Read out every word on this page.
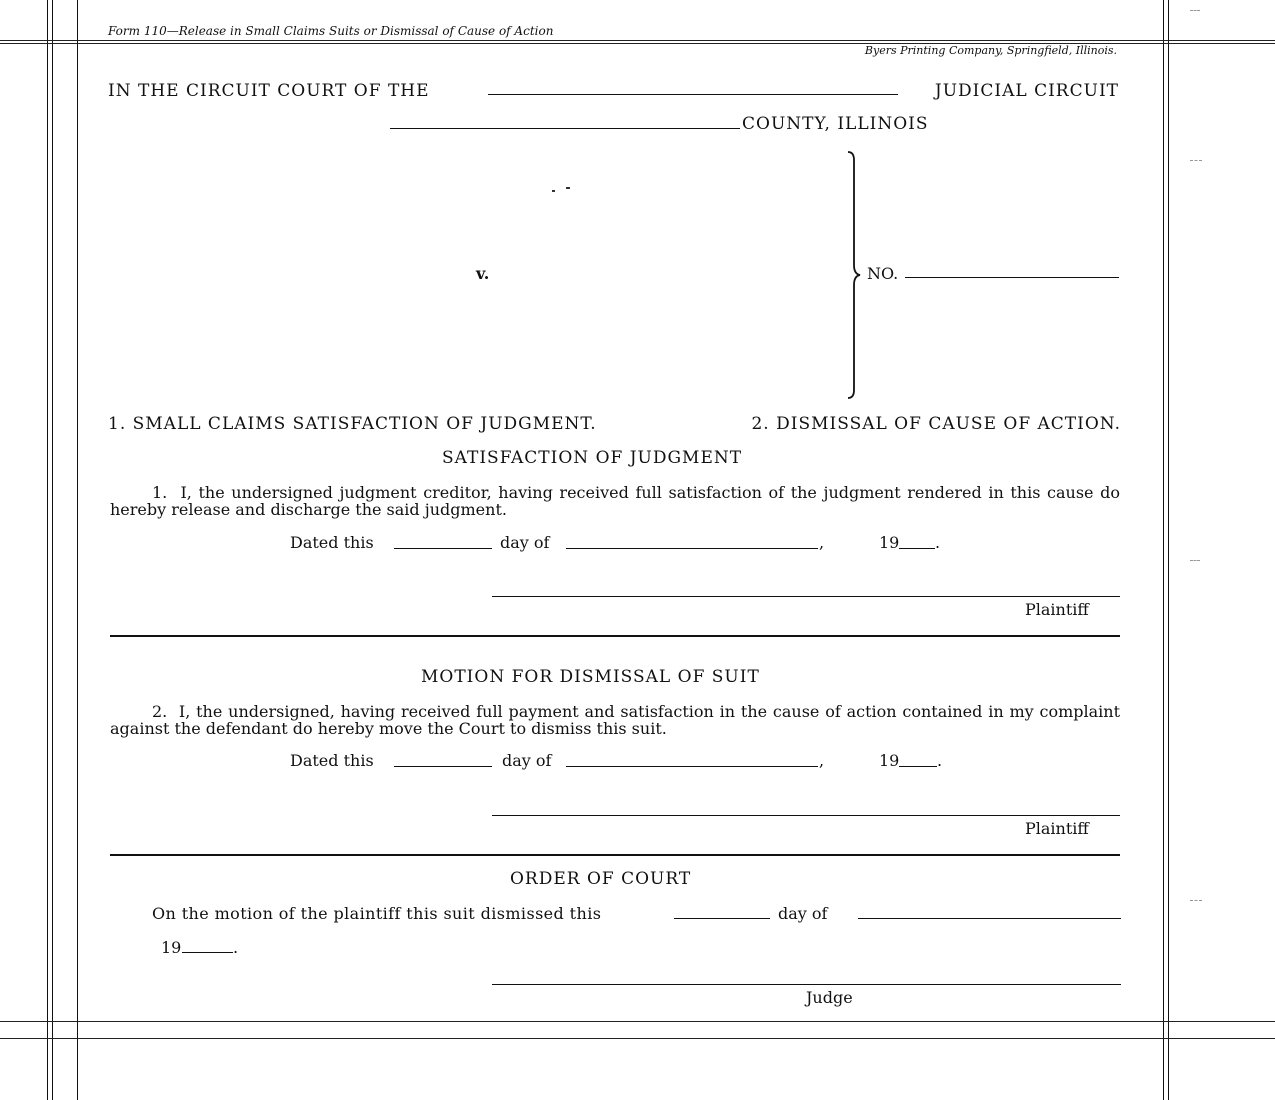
Form 110—Release in Small Claims Suits or Dismissal of Cause of Action
Byers Printing Company, Springfield, Illinois.
IN THE CIRCUIT COURT OF THE	JUDICIAL CIRCUIT
COUNTY, ILLINOIS
v.	NO.
1. SMALL CLAIMS SATISFACTION OF JUDGMENT.	2. DISMISSAL OF CAUSE OF ACTION.
SATISFACTION OF JUDGMENT
1.  I, the undersigned judgment creditor, having received full satisfaction of the judgment rendered in this cause do hereby release and discharge the said judgment.
Dated this	day of	,	19 .
Plaintiff
MOTION FOR DISMISSAL OF SUIT
2.  I, the undersigned, having received full payment and satisfaction in the cause of action contained in my complaint against the defendant do hereby move the Court to dismiss this suit.
Dated this	day of	,	19 .
Plaintiff
ORDER OF COURT
On the motion of the plaintiff this suit dismissed this	day of
19	.
Judge
